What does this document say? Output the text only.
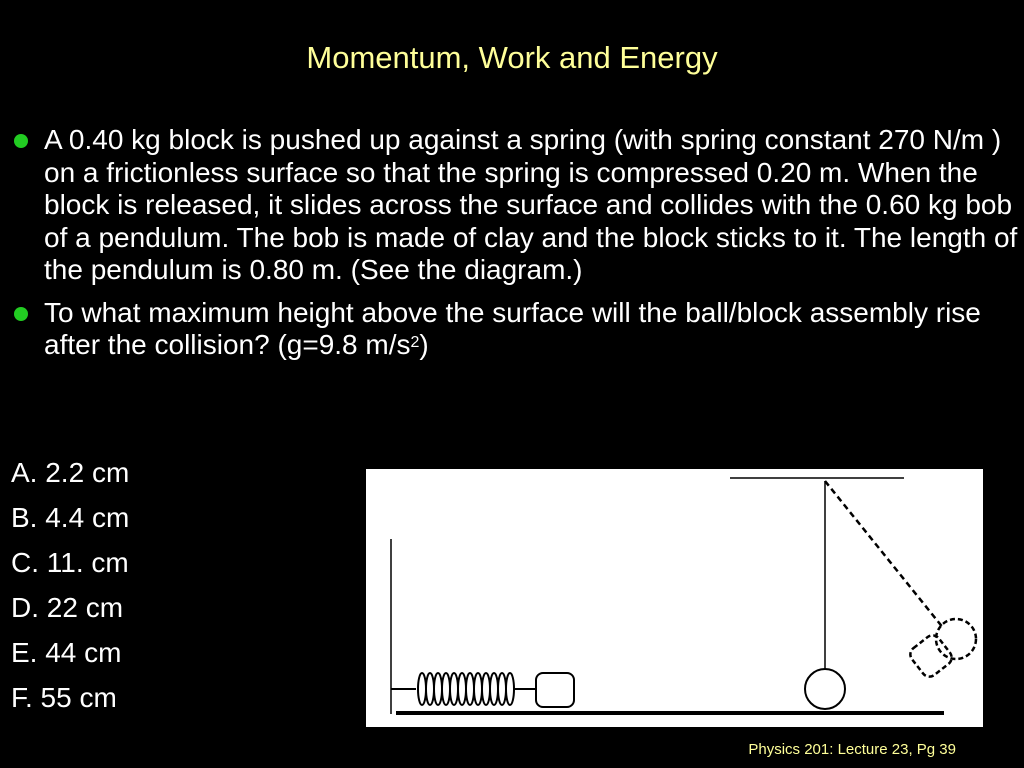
Momentum, Work and Energy
A 0.40 kg block is pushed up against a spring (with spring constant 270 N/m ) on a frictionless surface so that the spring is compressed 0.20 m. When the block is released, it slides across the surface and collides with the 0.60 kg bob of a pendulum. The bob is made of clay and the block sticks to it. The length of the pendulum is 0.80 m. (See the diagram.)
To what maximum height above the surface will the ball/block assembly rise after the collision? (g=9.8 $m/s^2$)
A. 2.2 cm
B. 4.4 cm
C. 11. cm
D. 22 cm
E. 44 cm
F. 55 cm
Physics 201: Lecture 23, Pg 39
